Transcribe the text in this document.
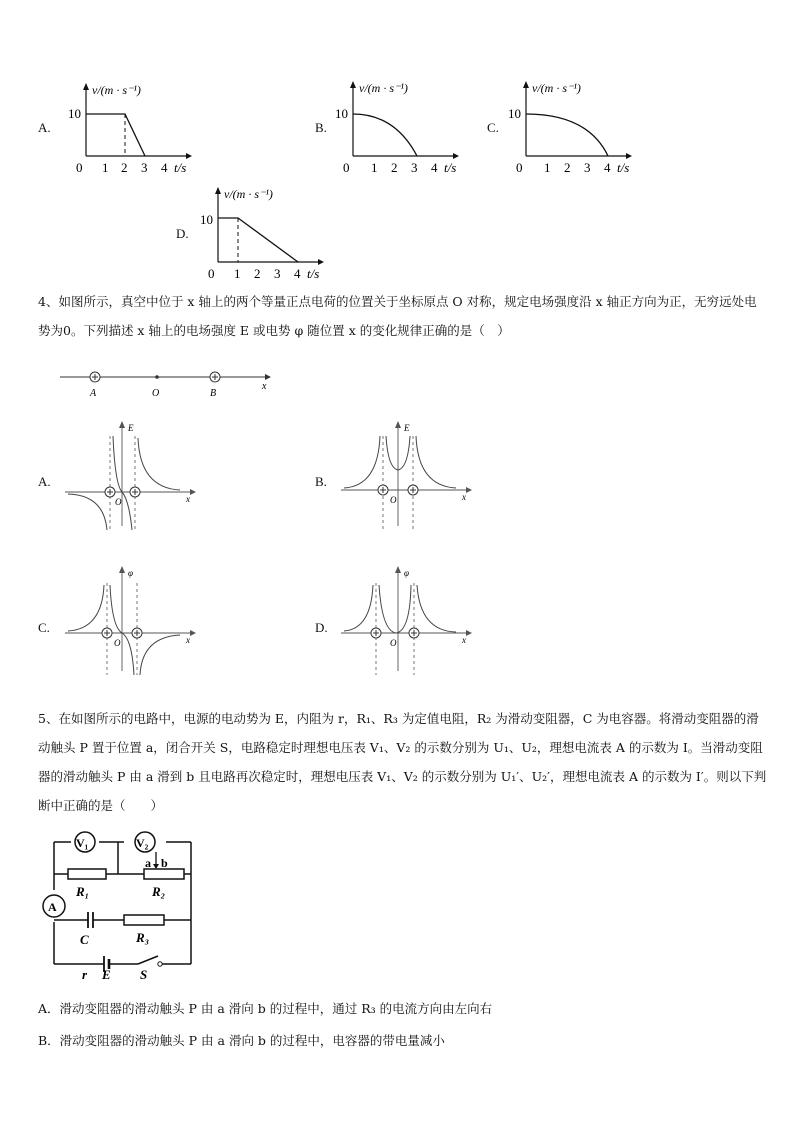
A.
v/(m · s⁻¹)
10
0 1 2 3 4 t/s
B.
v/(m · s⁻¹)
10
0 1 2 3 4 t/s
C.
v/(m · s⁻¹)
10
0 1 2 3 4 t/s
D.
v/(m · s⁻¹)
10
0 1 2 3 4 t/s
4、如图所示，真空中位于 x 轴上的两个等量正点电荷的位置关于坐标原点 O 对称，规定电场强度沿 x 轴正方向为正，无穷远处电势为0。下列描述 x 轴上的电场强度 E 或电势 φ 随位置 x 的变化规律正确的是（　）
A	O	B
x
A.
E
O	x
B.
E
O	x
C.
φ
O	x
D.
φ
O	x
5、在如图所示的电路中，电源的电动势为 E，内阻为 r，R₁、R₃ 为定值电阻，R₂ 为滑动变阻器，C 为电容器。将滑动变阻器的滑动触头 P 置于位置 a，闭合开关 S，电路稳定时理想电压表 V₁、V₂ 的示数分别为 U₁、U₂，理想电流表 A 的示数为 I。当滑动变阻器的滑动触头 P 由 a 滑到 b 且电路再次稳定时，理想电压表 V₁、V₂ 的示数分别为 U₁′、U₂′，理想电流表 A 的示数为 I′。则以下判断中正确的是（　　）
V₁	V₂
a b
R₁	R₂
A
C	R₃
r E S
A．滑动变阻器的滑动触头 P 由 a 滑向 b 的过程中，通过 R₃ 的电流方向由左向右
B．滑动变阻器的滑动触头 P 由 a 滑向 b 的过程中，电容器的带电量减小
